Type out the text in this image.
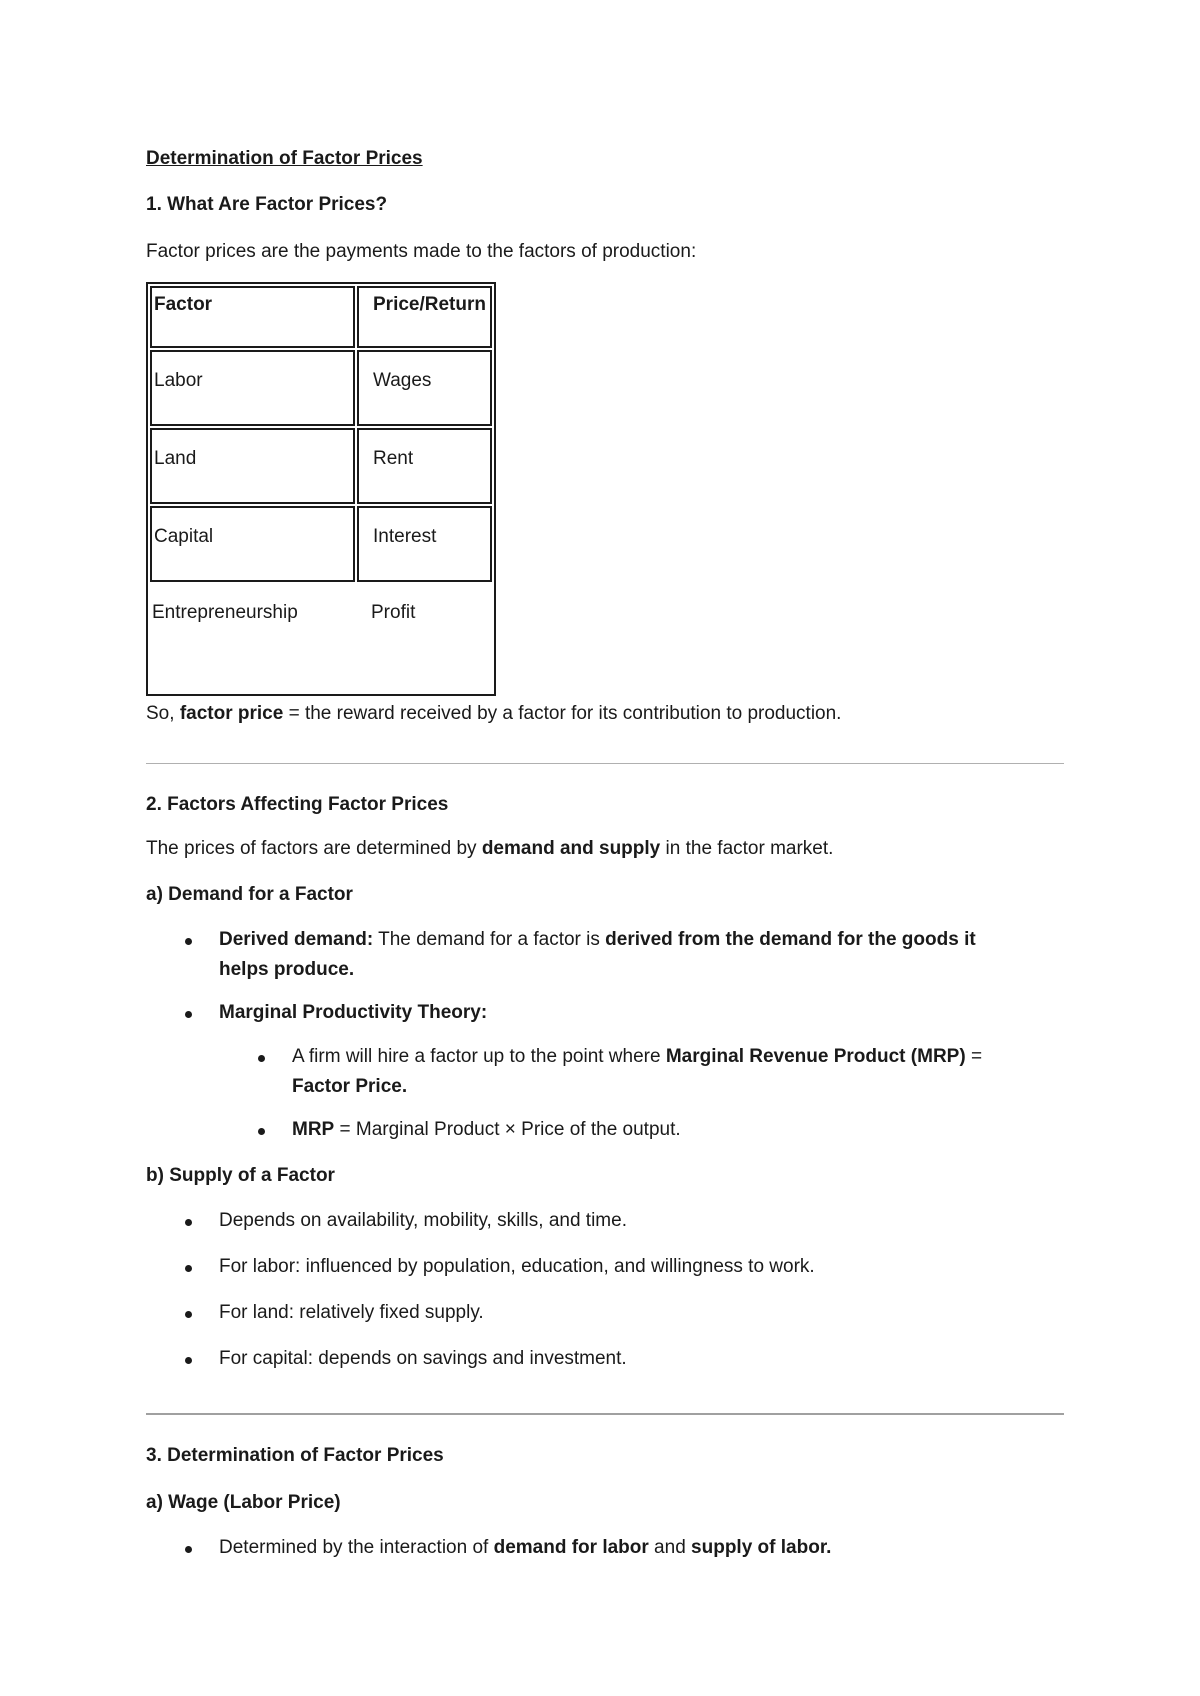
Determination of Factor Prices
1. What Are Factor Prices?
Factor prices are the payments made to the factors of production:
Factor	Price/Return
Labor	Wages
Land	Rent
Capital	Interest
Entrepreneurship	Profit
So, factor price = the reward received by a factor for its contribution to production.
2. Factors Affecting Factor Prices
The prices of factors are determined by demand and supply in the factor market.
a) Demand for a Factor
Derived demand: The demand for a factor is derived from the demand for the goods it
helps produce.
Marginal Productivity Theory:
A firm will hire a factor up to the point where Marginal Revenue Product (MRP) =
Factor Price.
MRP = Marginal Product × Price of the output.
b) Supply of a Factor
Depends on availability, mobility, skills, and time.
For labor: influenced by population, education, and willingness to work.
For land: relatively fixed supply.
For capital: depends on savings and investment.
3. Determination of Factor Prices
a) Wage (Labor Price)
Determined by the interaction of demand for labor and supply of labor.
